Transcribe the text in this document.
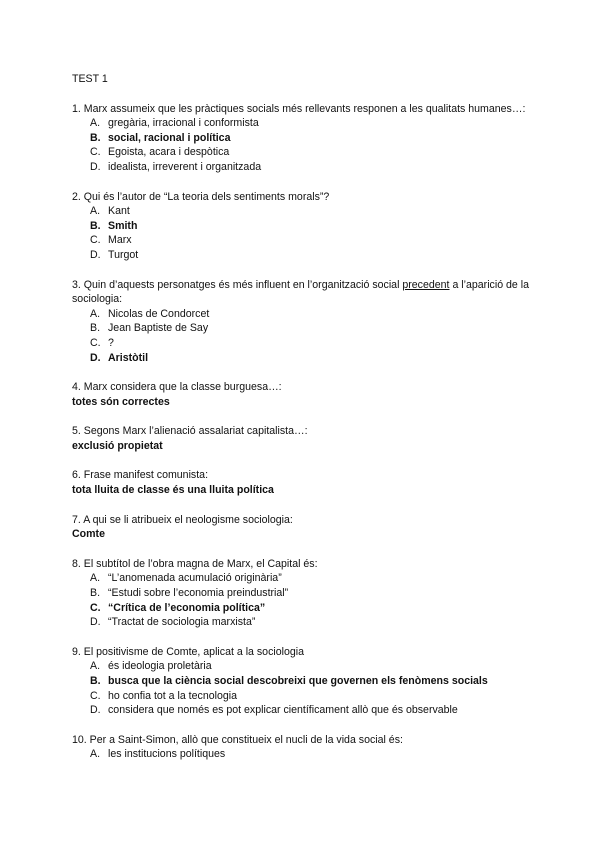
TEST 1

1. Marx assumeix que les pràctiques socials més rellevants responen a les qualitats humanes…:

A. gregària, irracional i conformista
B. social, racional i política
C. Egoista, acara i despòtica
D. idealista, irreverent i organitzada

2. Qui és l’autor de “La teoria dels sentiments morals”?

A. Kant
B. Smith
C. Marx
D. Turgot

3. Quin d’aquests personatges és més influent en l’organització social precedent a l’aparició de la sociologia:

A. Nicolas de Condorcet
B. Jean Baptiste de Say
C. ?
D. Aristòtil

4. Marx considera que la classe burguesa…:

totes són correctes

5. Segons Marx l’alienació assalariat capitalista…:

exclusió propietat

6. Frase manifest comunista:

tota lluita de classe és una lluita política

7. A qui se li atribueix el neologisme sociologia:

Comte

8. El subtítol de l’obra magna de Marx, el Capital és:

A. “L’anomenada acumulació originària”
B. “Estudi sobre l’economia preindustrial”
C. “Crítica de l’economia política”
D. “Tractat de sociologia marxista”

9. El positivisme de Comte, aplicat a la sociologia

A. és ideologia proletària
B. busca que la ciència social descobreixi que governen els fenòmens socials
C. ho confia tot a la tecnologia
D. considera que només es pot explicar científicament allò que és observable

10. Per a Saint-Simon, allò que constitueix el nucli de la vida social és:

A. les institucions polítiques
